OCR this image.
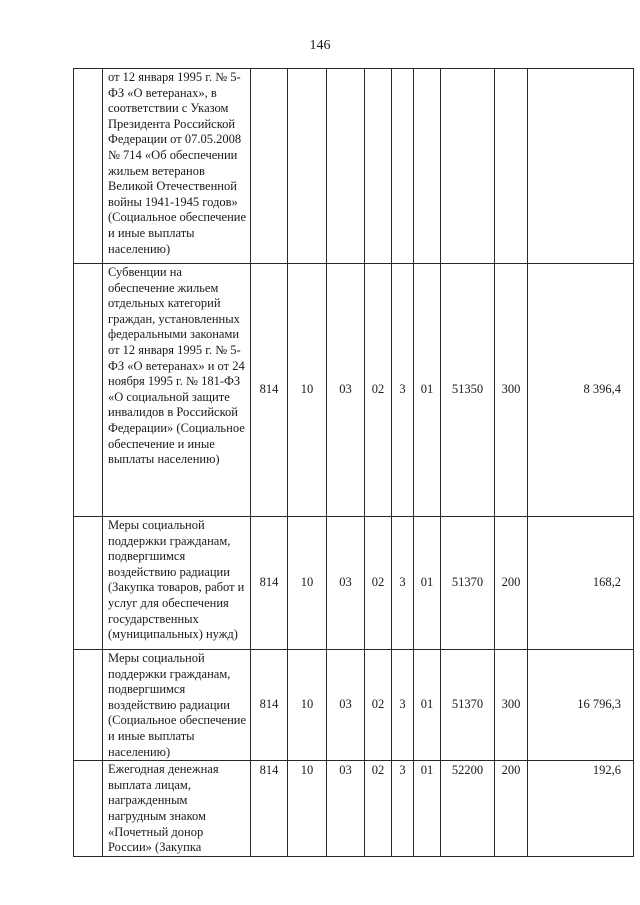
146

	от 12 января 1995 г. № 5-ФЗ «О ветеранах», в соответствии с Указом Президента Российской Федерации от 07.05.2008 № 714 «Об обеспечении жильем ветеранов Великой Отечественной войны 1941-1945 годов» (Социальное обеспечение и иные выплаты населению)									

	Субвенции на обеспечение жильем отдельных категорий граждан, установленных федеральными законами от 12 января 1995 г. № 5-ФЗ «О ветеранах» и от 24 ноября 1995 г. № 181-ФЗ «О социальной защите инвалидов в Российской Федерации» (Социальное обеспечение и иные выплаты населению)	814	10	03	02	3	01	51350	300	8 396,4

	Меры социальной поддержки гражданам, подвергшимся воздействию радиации (Закупка товаров, работ и услуг для обеспечения государственных (муниципальных) нужд)	814	10	03	02	3	01	51370	200	168,2

	Меры социальной поддержки гражданам, подвергшимся воздействию радиации (Социальное обеспечение и иные выплаты населению)	814	10	03	02	3	01	51370	300	16 796,3

	Ежегодная денежная выплата лицам, награжденным нагрудным знаком «Почетный донор России» (Закупка	814	10	03	02	3	01	52200	200	192,6
